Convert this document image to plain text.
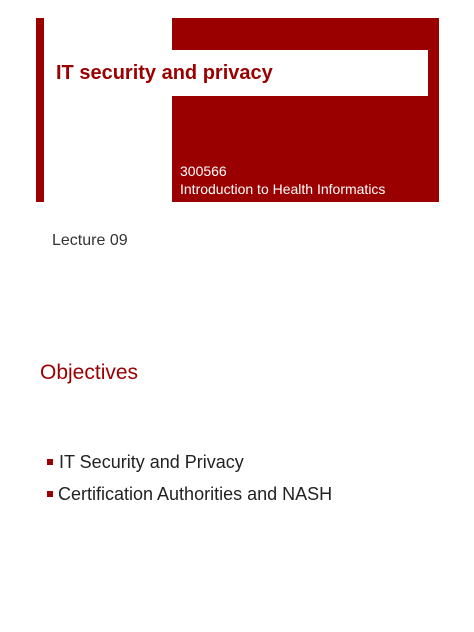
IT security and privacy
300566
Introduction to Health Informatics
Lecture 09
Objectives
IT Security and Privacy
Certification Authorities and NASH
